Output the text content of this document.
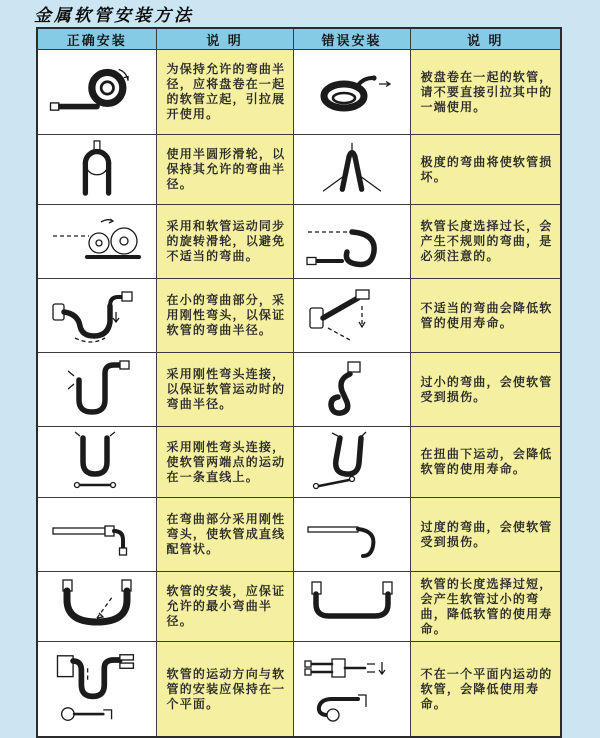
金属软管安装方法
正确安装	说 明	错误安装	说 明

	为保持允许的弯曲半径，应将盘卷在一起的软管立起，引拉展开使用。		被盘卷在一起的软管，请不要直接引拉其中的一端使用。

	使用半圆形滑轮，以保持其允许的弯曲半径。		极度的弯曲将使软管损坏。

	采用和软管运动同步的旋转滑轮，以避免不适当的弯曲。		软管长度选择过长，会产生不规则的弯曲，是必须注意的。

	在小的弯曲部分，采用刚性弯头，以保证软管的弯曲半径。		不适当的弯曲会降低软管的使用寿命。

	采用刚性弯头连接，以保证软管运动时的弯曲半径。		过小的弯曲，会使软管受到损伤。

	采用刚性弯头连接，使软管两端点的运动在一条直线上。		在扭曲下运动，会降低软管的使用寿命。

	在弯曲部分采用刚性弯头，使软管成直线配管状。		过度的弯曲，会使软管受到损伤。

	软管的安装，应保证允许的最小弯曲半径。		软管的长度选择过短，会产生软管过小的弯曲，降低软管的使用寿命。

	软管的运动方向与软管的安装应保持在一个平面。		不在一个平面内运动的软管，会降低使用寿命。
